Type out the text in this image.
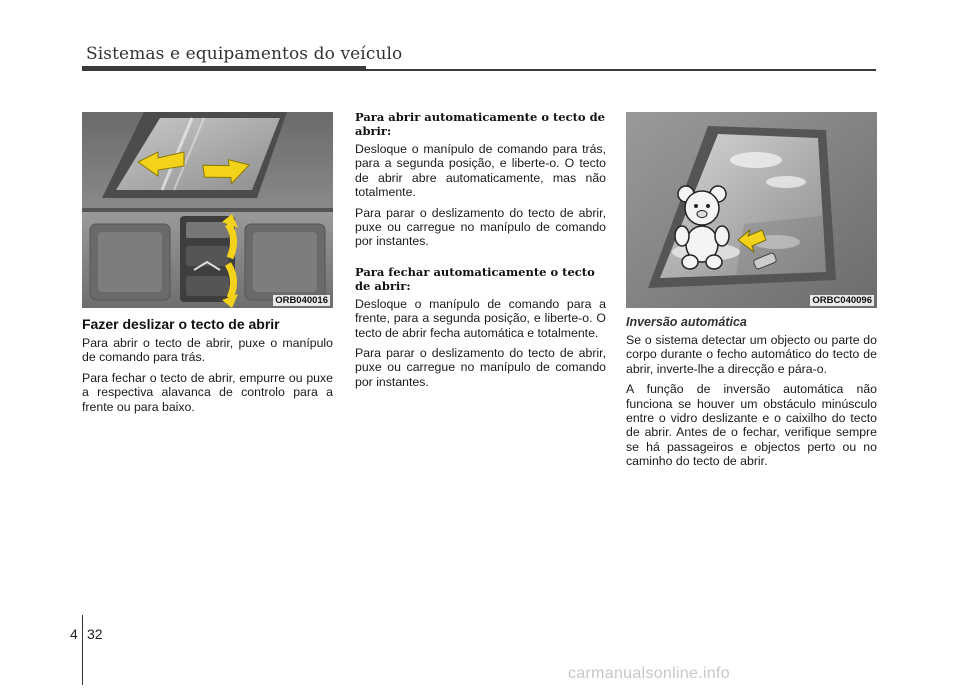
Sistemas e equipamentos do veículo
ORB040016
Fazer deslizar o tecto de abrir

Para abrir o tecto de abrir, puxe o manípulo de comando para trás.

Para fechar o tecto de abrir, empurre ou puxe a respectiva alavanca de controlo para a frente ou para baixo.

Para abrir automaticamente o tecto de abrir:

Desloque o manípulo de comando para trás, para a segunda posição, e liberte-o. O tecto de abrir abre automaticamente, mas não totalmente.

Para parar o deslizamento do tecto de abrir, puxe ou carregue no manípulo de comando por instantes.

Para fechar automaticamente o tecto de abrir:

Desloque o manípulo de comando para a frente, para a segunda posição, e liberte-o. O tecto de abrir fecha automática e totalmente.

Para parar o deslizamento do tecto de abrir, puxe ou carregue no manípulo de comando por instantes.

ORBC040096
Inversão automática

Se o sistema detectar um objecto ou parte do corpo durante o fecho automático do tecto de abrir, inverte-lhe a direcção e pára-o.

A função de inversão automática não funciona se houver um obstáculo minúsculo entre o vidro deslizante e o caixilho do tecto de abrir. Antes de o fechar, verifique sempre se há passageiros e objectos perto ou no caminho do tecto de abrir.

4 32
carmanualsonline.info
